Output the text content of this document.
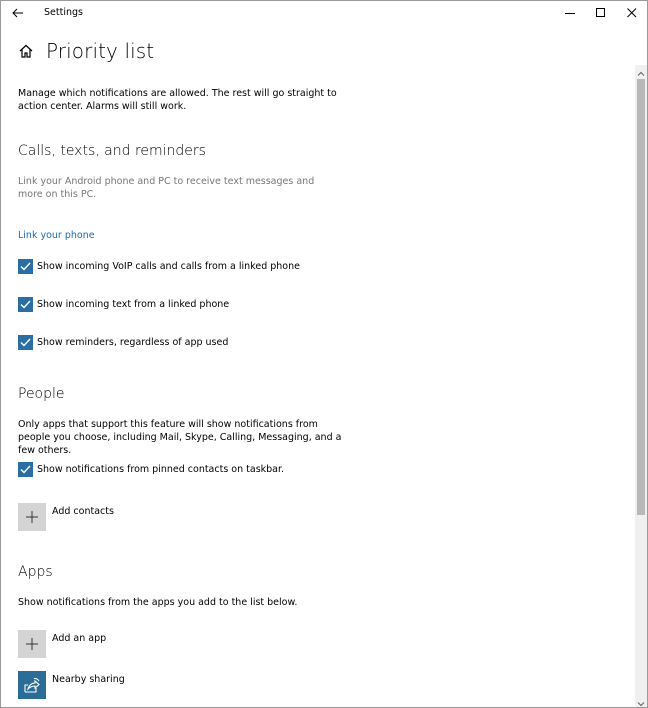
Settings
Priority list
Manage which notifications are allowed. The rest will go straight to action center. Alarms will still work.
Calls, texts, and reminders
Link your Android phone and PC to receive text messages and more on this PC.
Link your phone
Show incoming VoIP calls and calls from a linked phone
Show incoming text from a linked phone
Show reminders, regardless of app used
People
Only apps that support this feature will show notifications from people you choose, including Mail, Skype, Calling, Messaging, and a few others.
Show notifications from pinned contacts on taskbar.
Add contacts
Apps
Show notifications from the apps you add to the list below.
Add an app
Nearby sharing
